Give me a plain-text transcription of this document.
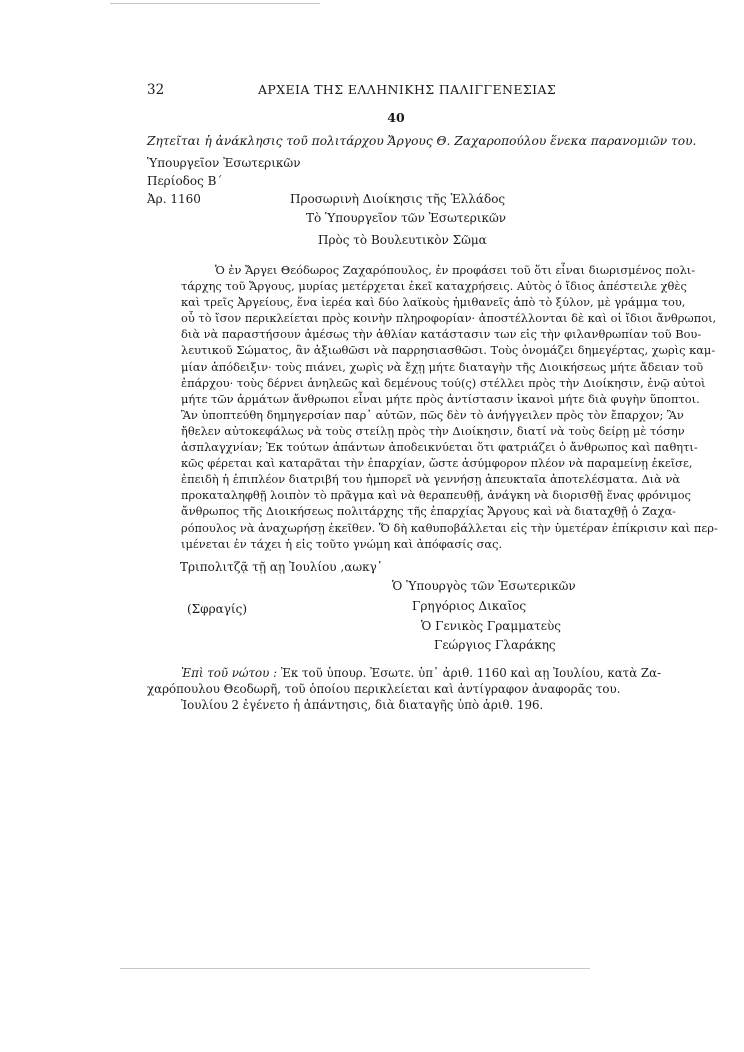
32	ΑΡΧΕΙΑ ΤΗΣ ΕΛΛΗΝΙΚΗΣ ΠΑΛΙΓΓΕΝΕΣΙΑΣ
40
Ζητεῖται ἡ ἀνάκλησις τοῦ πολιτάρχου Ἄργους Θ. Ζαχαροπούλου ἕνεκα παρανομιῶν του.
Ὑπουργεῖον Ἐσωτερικῶν
Περίοδος Β΄
Ἀρ. 1160	Προσωρινὴ Διοίκησις τῆς Ἑλλάδος
Τὸ Ὑπουργεῖον τῶν Ἐσωτερικῶν
Πρὸς τὸ Βουλευτικὸν Σῶμα

Ὁ ἐν Ἄργει Θεόδωρος Ζαχαρόπουλος, ἐν προφάσει τοῦ ὅτι εἶναι διωρισμένος πολι-
τάρχης τοῦ Ἄργους, μυρίας μετέρχεται ἐκεῖ καταχρήσεις. Αὐτὸς ὁ ἴδιος ἀπέστειλε χθὲς
καὶ τρεῖς Ἀργείους, ἕνα ἱερέα καὶ δύο λαϊκοὺς ἡμιθανεῖς ἀπὸ τὸ ξύλον, μὲ γράμμα του,
οὗ τὸ ἴσον περικλείεται πρὸς κοινὴν πληροφορίαν· ἀποστέλλονται δὲ καὶ οἱ ἴδιοι ἄνθρωποι,
διὰ νὰ παραστήσουν ἀμέσως τὴν ἀθλίαν κατάστασιν των εἰς τὴν φιλανθρωπίαν τοῦ Βου-
λευτικοῦ Σώματος, ἂν ἀξιωθῶσι νὰ παρρησιασθῶσι. Τοὺς ὀνομάζει δημεγέρτας, χωρὶς καμ-
μίαν ἀπόδειξιν· τοὺς πιάνει, χωρὶς νὰ ἔχῃ μήτε διαταγὴν τῆς Διοικήσεως μήτε ἄδειαν τοῦ
ἐπάρχου· τοὺς δέρνει ἀνηλεῶς καὶ δεμένους τού(ς) στέλλει πρὸς τὴν Διοίκησιν, ἐνῷ αὐτοὶ
μήτε τῶν ἁρμάτων ἄνθρωποι εἶναι μήτε πρὸς ἀντίστασιν ἱκανοὶ μήτε διὰ φυγὴν ὕποπτοι.
Ἂν ὑποπτεύθη δημηγερσίαν παρ᾽ αὐτῶν, πῶς δὲν τὸ ἀνήγγειλεν πρὸς τὸν ἔπαρχον; Ἂν
ἤθελεν αὐτοκεφάλως νὰ τοὺς στείλῃ πρὸς τὴν Διοίκησιν, διατί νὰ τοὺς δείρῃ μὲ τόσην
ἀσπλαγχνίαν; Ἐκ τούτων ἁπάντων ἀποδεικνύεται ὅτι φατριάζει ὁ ἄνθρωπος καὶ παθητι-
κῶς φέρεται καὶ καταρᾶται τὴν ἐπαρχίαν, ὥστε ἀσύμφορον πλέον νὰ παραμείνῃ ἐκεῖσε,
ἐπειδὴ ἡ ἐπιπλέον διατριβή του ἠμπορεῖ νὰ γεννήσῃ ἀπευκταῖα ἀποτελέσματα. Διὰ νὰ
προκαταληφθῇ λοιπὸν τὸ πρᾶγμα καὶ νὰ θεραπευθῇ, ἀνάγκη νὰ διορισθῇ ἕνας φρόνιμος
ἄνθρωπος τῆς Διοικήσεως πολιτάρχης τῆς ἐπαρχίας Ἄργους καὶ νὰ διαταχθῇ ὁ Ζαχα-
ρόπουλος νὰ ἀναχωρήσῃ ἐκεῖθεν. Ὅ δὴ καθυποβάλλεται εἰς τὴν ὑμετέραν ἐπίκρισιν καὶ περ-
ιμένεται ἐν τάχει ἡ εἰς τοῦτο γνώμη καὶ ἀπόφασίς σας.

Τριπολιτζᾷ τῇ αῃ Ἰουλίου ,αωκγ῾
Ὁ Ὑπουργὸς τῶν Ἐσωτερικῶν
Γρηγόριος Δικαῖος
(Σφραγίς)
Ὁ Γενικὸς Γραμματεὺς
Γεώργιος Γλαράκης
Ἐπὶ τοῦ νώτου : Ἐκ τοῦ ὑπουρ. Ἐσωτε. ὑπ᾽ ἀριθ. 1160 καὶ αῃ Ἰουλίου, κατὰ Ζα-
χαρόπουλου Θεοδωρῆ, τοῦ ὁποίου περικλείεται καὶ ἀντίγραφον ἀναφορᾶς του.
Ἰουλίου 2 ἐγένετο ἡ ἀπάντησις, διὰ διαταγῆς ὑπὸ ἀριθ. 196.
